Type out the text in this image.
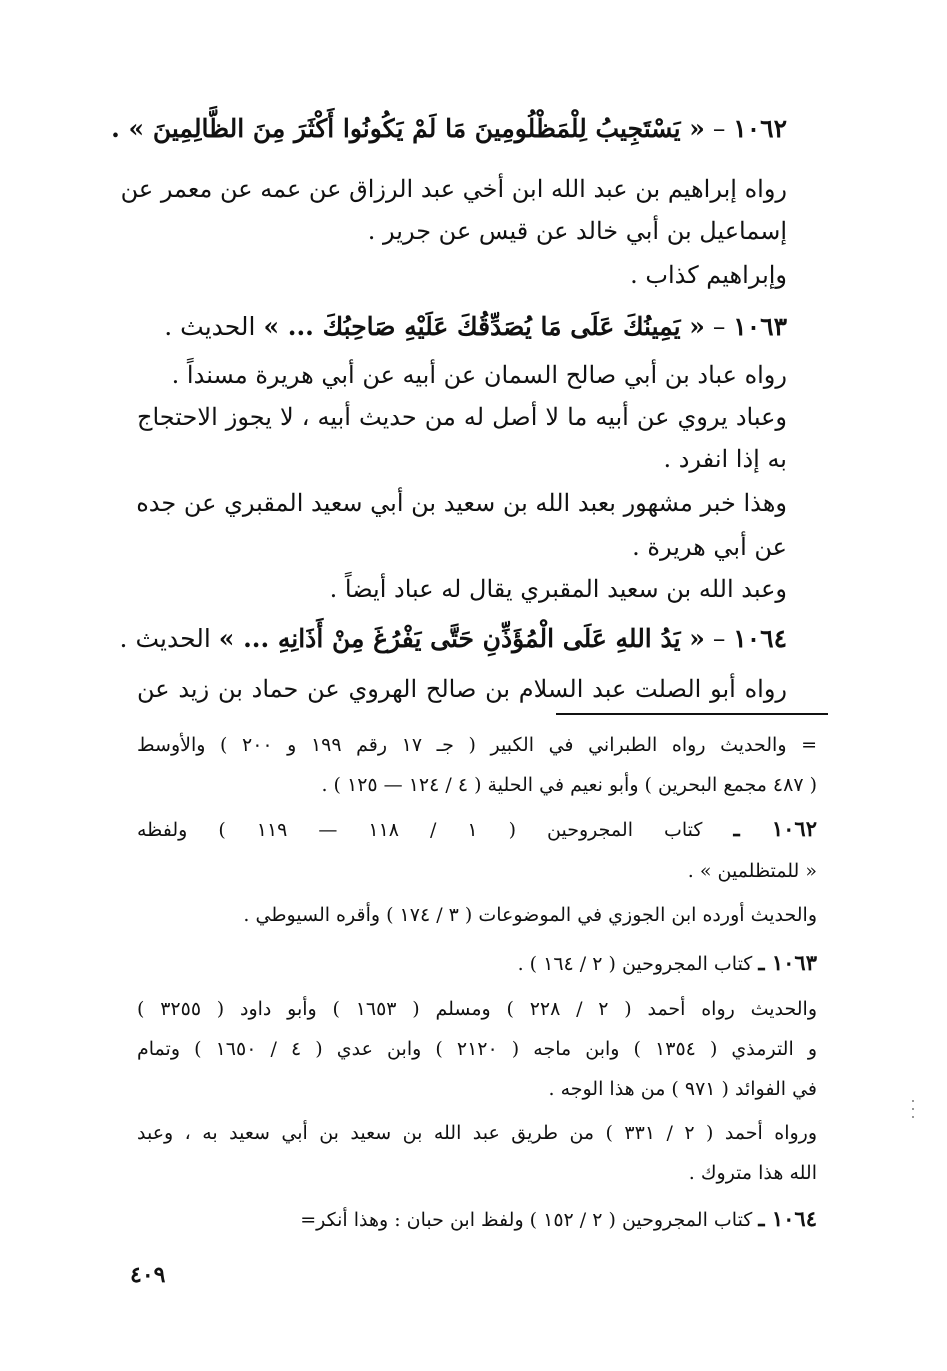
١٠٦٢ – « يَسْتَجِيبُ لِلْمَظْلُومِينَ مَا لَمْ يَكُونُوا أَكْثَرَ مِنَ الظَّالِمِينَ » .
رواه إبراهيم بن عبد الله ابن أخي عبد الرزاق عن عمه عن معمر عن
إسماعيل بن أبي خالد عن قيس عن جرير .
وإبراهيم كذاب .
١٠٦٣ – « يَمِينُكَ عَلَى مَا يُصَدِّقُكَ عَلَيْهِ صَاحِبُكَ ... » الحديث .
رواه عباد بن أبي صالح السمان عن أبيه عن أبي هريرة مسنداً .
وعباد يروي عن أبيه ما لا أصل له من حديث أبيه ، لا يجوز الاحتجاج
به إذا انفرد .
وهذا خبر مشهور بعبد الله بن سعيد بن أبي سعيد المقبري عن جده
عن أبي هريرة .
وعبد الله بن سعيد المقبري يقال له عباد أيضاً .
١٠٦٤ – « يَدُ اللهِ عَلَى الْمُؤَذِّنِ حَتَّى يَفْرُغَ مِنْ أَذَانِهِ ... » الحديث .
رواه أبو الصلت عبد السلام بن صالح الهروي عن حماد بن زيد عن
= والحديث رواه الطبراني في الكبير ( جـ ١٧ رقم ١٩٩ و ٢٠٠ ) والأوسط
( ٤٨٧ مجمع البحرين ) وأبو نعيم في الحلية ( ٤ / ١٢٤ — ١٢٥ ) .
١٠٦٢ ـ كتاب المجروحين ( ١ / ١١٨ — ١١٩ ) ولفظه
« للمتظلمين » .
والحديث أورده ابن الجوزي في الموضوعات ( ٣ / ١٧٤ ) وأقره السيوطي .
١٠٦٣ ـ كتاب المجروحين ( ٢ / ١٦٤ ) .
والحديث رواه أحمد ( ٢ / ٢٢٨ ) ومسلم ( ١٦٥٣ ) وأبو داود ( ٣٢٥٥ )
و الترمذي ( ١٣٥٤ ) وابن ماجه ( ٢١٢٠ ) وابن عدي ( ٤ / ١٦٥٠ ) وتمام
في الفوائد ( ٩٧١ ) من هذا الوجه .
ورواه أحمد ( ٢ / ٣٣١ ) من طريق عبد الله بن سعيد بن أبي سعيد به ، وعبد
الله هذا متروك .
١٠٦٤ ـ كتاب المجروحين ( ٢ / ١٥٢ ) ولفظ ابن حبان : وهذا أنكر=
٤٠٩
